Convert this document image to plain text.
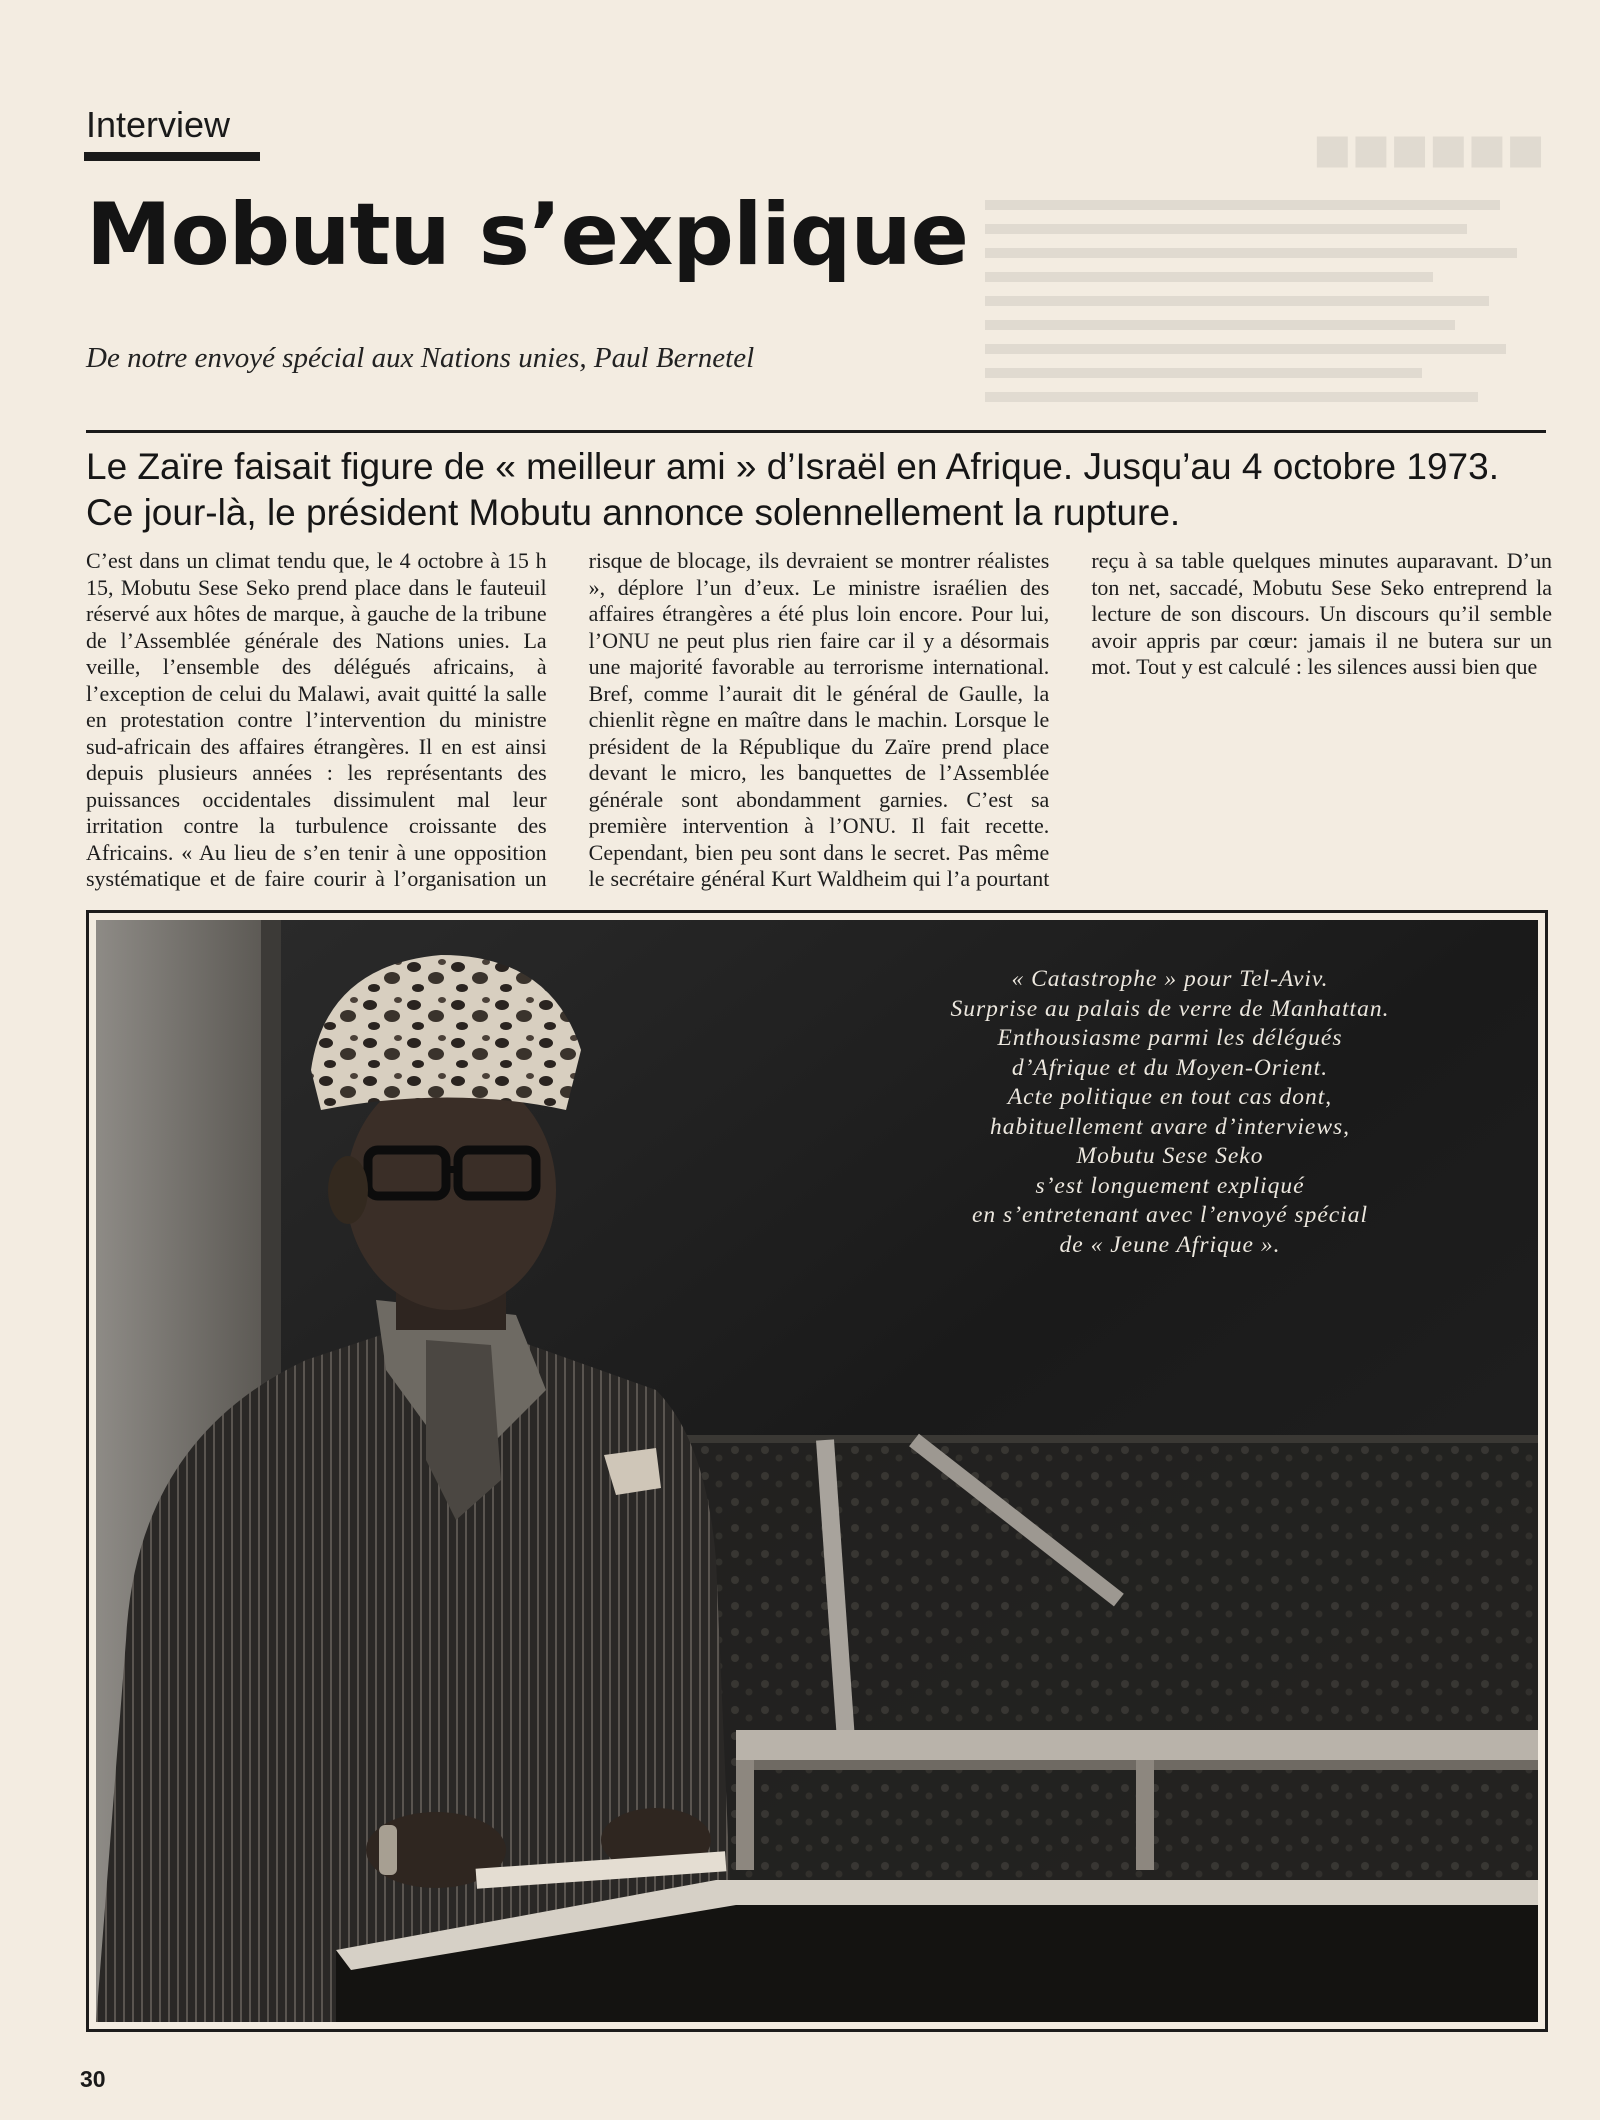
■■■■■■
Interview
Mobutu s’explique
De notre envoyé spécial aux Nations unies, Paul Bernetel

Le Zaïre faisait figure de « meilleur ami » d’Israël en Afrique. Jusqu’au 4 octobre 1973. Ce jour-là, le président Mobutu annonce solennellement la rupture.

C’est dans un climat tendu que, le 4 octobre à 15 h 15, Mobutu Sese Seko prend place dans le fauteuil réservé aux hôtes de marque, à gauche de la tribune de l’Assemblée générale des Nations unies. La veille, l’ensemble des délégués africains, à l’exception de celui du Malawi, avait quitté la salle en protestation contre l’intervention du ministre sud-africain des affaires étrangères. Il en est ainsi depuis plusieurs années : les représentants des puissances occidentales dissimulent mal leur irritation contre la turbulence croissante des Africains. « Au lieu de s’en tenir à une opposition systématique et de faire courir à l’organisation un risque de blocage, ils devraient se montrer réalistes », déplore l’un d’eux. Le ministre israélien des affaires étrangères a été plus loin encore. Pour lui, l’ONU ne peut plus rien faire car il y a désormais une majorité favorable au terrorisme international. Bref, comme l’aurait dit le général de Gaulle, la chienlit règne en maître dans le machin. Lorsque le président de la République du Zaïre prend place devant le micro, les banquettes de l’Assemblée générale sont abondamment garnies. C’est sa première intervention à l’ONU. Il fait recette. Cependant, bien peu sont dans le secret. Pas même le secrétaire général Kurt Waldheim qui l’a pourtant reçu à sa table quelques minutes auparavant. D’un ton net, saccadé, Mobutu Sese Seko entreprend la lecture de son discours. Un discours qu’il semble avoir appris par cœur: jamais il ne butera sur un mot. Tout y est calculé : les silences aussi bien que

« Catastrophe » pour Tel-Aviv.
Surprise au palais de verre de Manhattan.
Enthousiasme parmi les délégués
d’Afrique et du Moyen-Orient.
Acte politique en tout cas dont,
habituellement avare d’interviews,
Mobutu Sese Seko
s’est longuement expliqué
en s’entretenant avec l’envoyé spécial
de « Jeune Afrique ».

30
